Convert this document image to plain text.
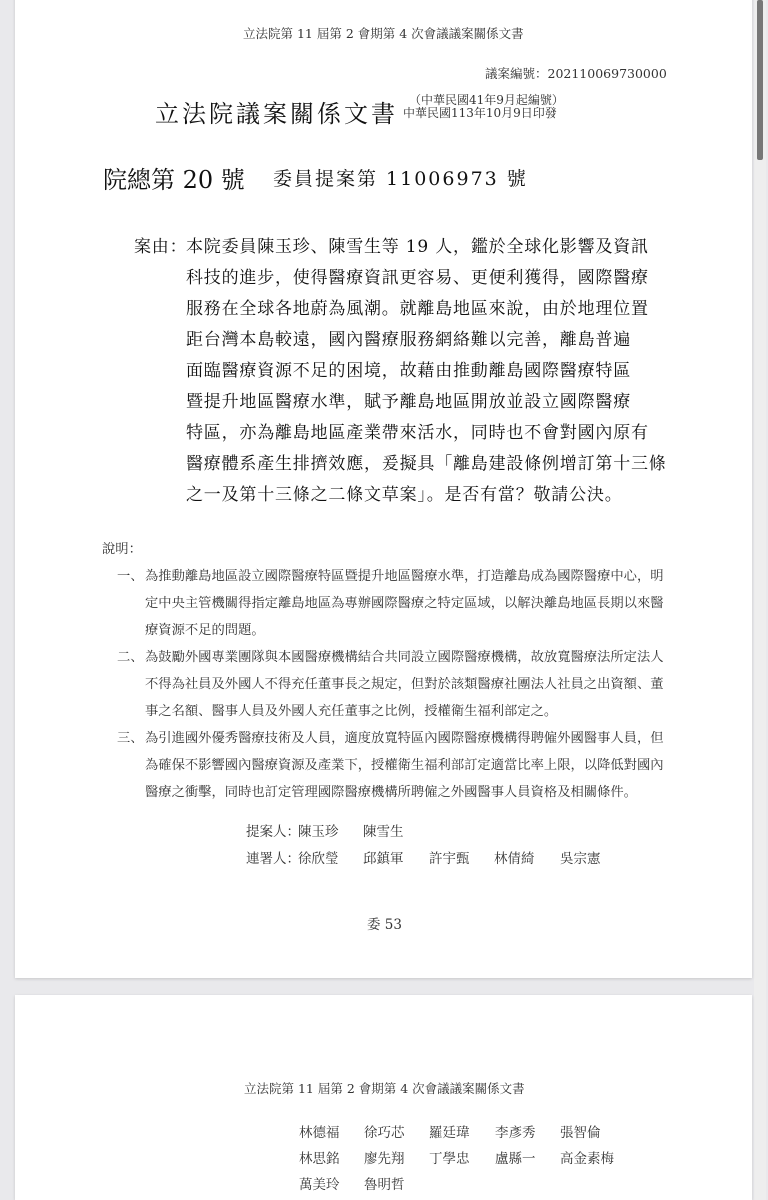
立法院第 11 屆第 2 會期第 4 次會議議案關係文書
議案編號：202110069730000
立法院議案關係文書 （中華民國41年9月起編號）
中華民國113年10月9日印發
院總第 20 號 委員提案第 11006973 號
案由：
本院委員陳玉珍、陳雪生等 19 人，鑑於全球化影響及資訊
科技的進步，使得醫療資訊更容易、更便利獲得，國際醫療
服務在全球各地蔚為風潮。就離島地區來說，由於地理位置
距台灣本島較遠，國內醫療服務網絡難以完善，離島普遍
面臨醫療資源不足的困境，故藉由推動離島國際醫療特區
暨提升地區醫療水準，賦予離島地區開放並設立國際醫療
特區，亦為離島地區產業帶來活水，同時也不會對國內原有
醫療體系產生排擠效應，爰擬具「離島建設條例增訂第十三條
之一及第十三條之二條文草案」。是否有當？敬請公決。
說明：
一、 為推動離島地區設立國際醫療特區暨提升地區醫療水準，打造離島成為國際醫療中心，明
定中央主管機關得指定離島地區為專辦國際醫療之特定區域，以解決離島地區長期以來醫
療資源不足的問題。
二、 為鼓勵外國專業團隊與本國醫療機構結合共同設立國際醫療機構，故放寬醫療法所定法人
不得為社員及外國人不得充任董事長之規定，但對於該類醫療社團法人社員之出資額、董
事之名額、醫事人員及外國人充任董事之比例，授權衛生福利部定之。
三、 為引進國外優秀醫療技術及人員，適度放寬特區內國際醫療機構得聘僱外國醫事人員，但
為確保不影響國內醫療資源及產業下，授權衛生福利部訂定適當比率上限，以降低對國內
醫療之衝擊，同時也訂定管理國際醫療機構所聘僱之外國醫事人員資格及相關條件。
提案人：
陳玉珍 陳雪生
連署人：
徐欣瑩 邱鎮軍 許宇甄 林倩綺 吳宗憲
委 53
立法院第 11 屆第 2 會期第 4 次會議議案關係文書
林德福 徐巧芯 羅廷瑋 李彥秀 張智倫
林思銘 廖先翔 丁學忠 盧縣一 高金素梅
萬美玲 魯明哲
